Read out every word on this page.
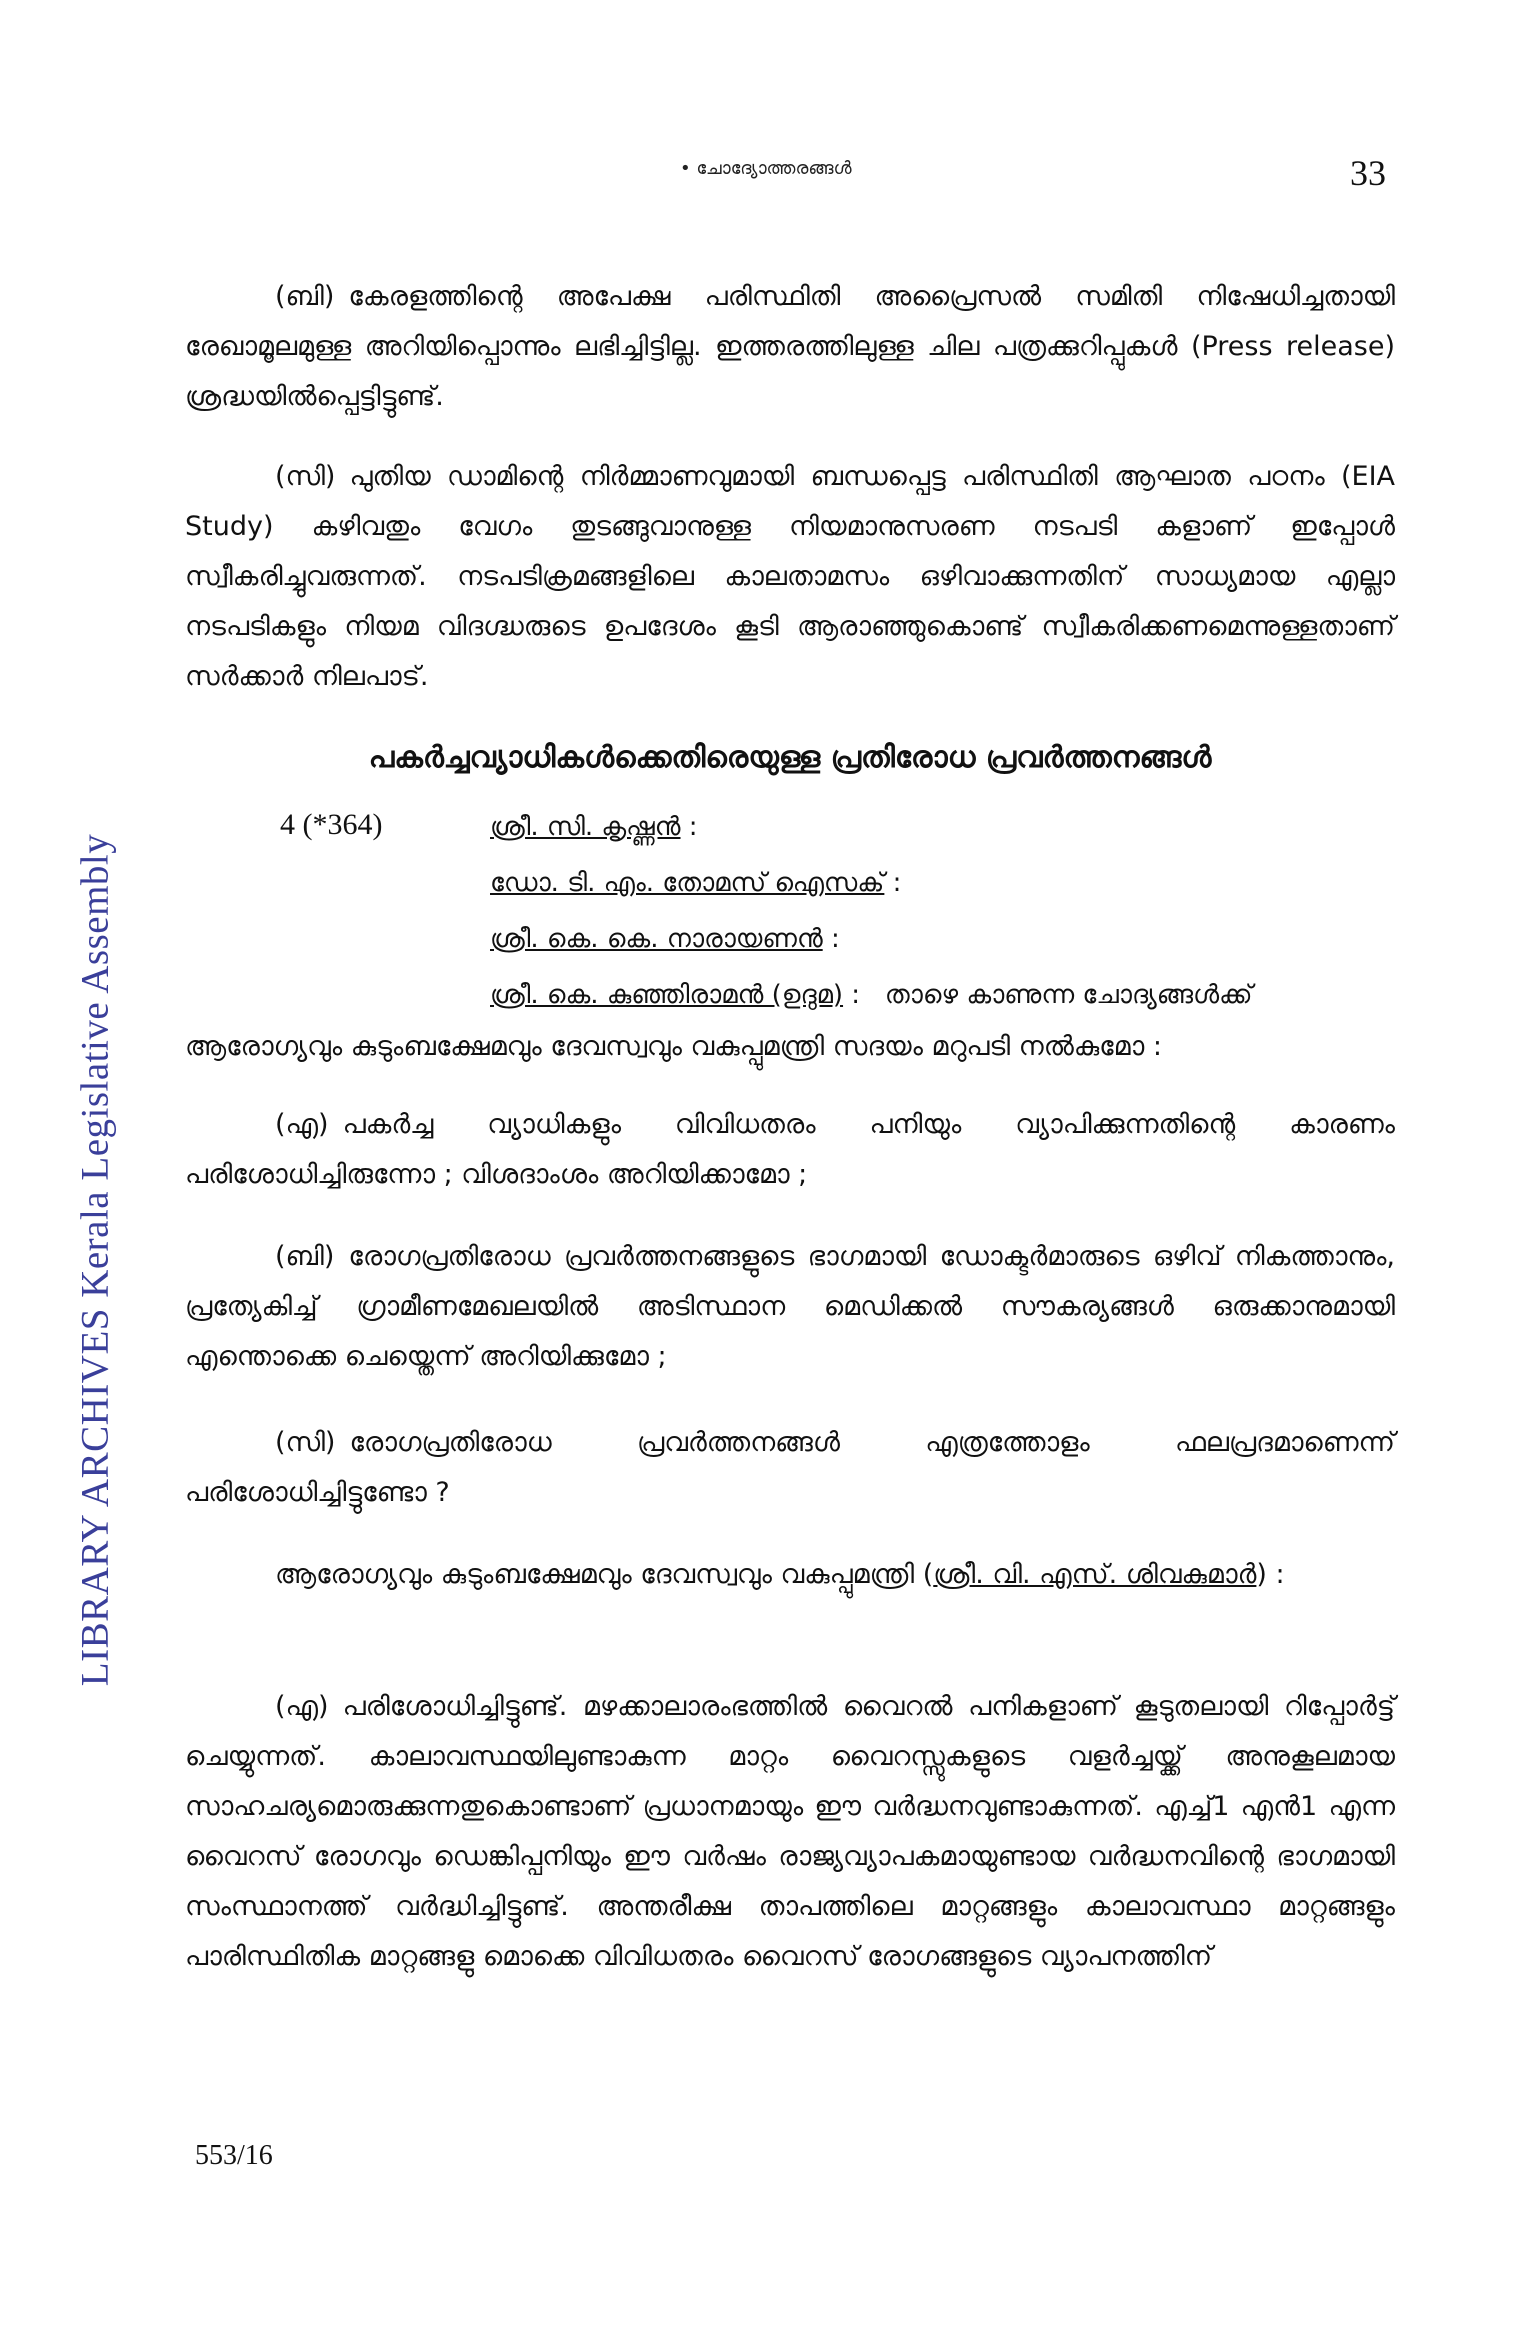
LIBRARY ARCHIVES Kerala Legislative Assembly
• ചോദ്യോത്തരങ്ങൾ	33
(ബി) കേരളത്തിന്റെ അപേക്ഷ പരിസ്ഥിതി അപ്രൈസൽ സമിതി നിഷേധിച്ചതായി രേഖാമൂലമുള്ള അറിയിപ്പൊന്നും ലഭിച്ചിട്ടില്ല. ഇത്തരത്തിലുള്ള ചില പത്രക്കുറിപ്പുകൾ (Press release) ശ്രദ്ധയിൽപ്പെട്ടിട്ടുണ്ട്.
(സി) പുതിയ ഡാമിന്റെ നിർമ്മാണവുമായി ബന്ധപ്പെട്ട പരിസ്ഥിതി ആഘാത പഠനം (EIA Study) കഴിവതും വേഗം തുടങ്ങുവാനുള്ള നിയമാനുസരണ നടപടി കളാണ് ഇപ്പോൾ സ്വീകരിച്ചുവരുന്നത്. നടപടിക്രമങ്ങളിലെ കാലതാമസം ഒഴിവാക്കുന്നതിന് സാധ്യമായ എല്ലാ നടപടികളും നിയമ വിദഗ്ദ്ധരുടെ ഉപദേശം കൂടി ആരാഞ്ഞുകൊണ്ട് സ്വീകരിക്കണമെന്നുള്ളതാണ് സർക്കാർ നിലപാട്.
പകർച്ചവ്യാധികൾക്കെതിരെയുള്ള പ്രതിരോധ പ്രവർത്തനങ്ങൾ
4 (*364)	ശ്രീ. സി. കൃഷ്ണൻ :
ഡോ. ടി. എം. തോമസ് ഐസക് :
ശ്രീ. കെ. കെ. നാരായണൻ :
ശ്രീ. കെ. കുഞ്ഞിരാമൻ (ഉദുമ) : താഴെ കാണുന്ന ചോദ്യങ്ങൾക്ക്
ആരോഗ്യവും കുടുംബക്ഷേമവും ദേവസ്വവും വകുപ്പുമന്ത്രി സദയം മറുപടി നൽകുമോ :
(എ) പകർച്ച വ്യാധികളും വിവിധതരം പനിയും വ്യാപിക്കുന്നതിന്റെ കാരണം പരിശോധിച്ചിരുന്നോ ; വിശദാംശം അറിയിക്കാമോ ;
(ബി) രോഗപ്രതിരോധ പ്രവർത്തനങ്ങളുടെ ഭാഗമായി ഡോക്ടർമാരുടെ ഒഴിവ് നികത്താനും, പ്രത്യേകിച്ച് ഗ്രാമീണമേഖലയിൽ അടിസ്ഥാന മെഡിക്കൽ സൗകര്യങ്ങൾ ഒരുക്കാനുമായി എന്തൊക്കെ ചെയ്തെന്ന് അറിയിക്കുമോ ;
(സി) രോഗപ്രതിരോധ പ്രവർത്തനങ്ങൾ എത്രത്തോളം ഫലപ്രദമാണെന്ന് പരിശോധിച്ചിട്ടുണ്ടോ ?
ആരോഗ്യവും കുടുംബക്ഷേമവും ദേവസ്വവും വകുപ്പുമന്ത്രി (ശ്രീ. വി. എസ്. ശിവകുമാർ) :
(എ) പരിശോധിച്ചിട്ടുണ്ട്. മഴക്കാലാരംഭത്തിൽ വൈറൽ പനികളാണ് കൂടുതലായി റിപ്പോർട്ട് ചെയ്യുന്നത്. കാലാവസ്ഥയിലുണ്ടാകുന്ന മാറ്റം വൈറസ്സുകളുടെ വളർച്ചയ്ക്ക് അനുകൂലമായ സാഹചര്യമൊരുക്കുന്നതുകൊണ്ടാണ് പ്രധാനമായും ഈ വർദ്ധനവുണ്ടാകുന്നത്. എച്ച്1 എൻ1 എന്ന വൈറസ് രോഗവും ഡെങ്കിപ്പനിയും ഈ വർഷം രാജ്യവ്യാപകമായുണ്ടായ വർദ്ധനവിന്റെ ഭാഗമായി സംസ്ഥാനത്ത് വർദ്ധിച്ചിട്ടുണ്ട്. അന്തരീക്ഷ താപത്തിലെ മാറ്റങ്ങളും കാലാവസ്ഥാ മാറ്റങ്ങളും പാരിസ്ഥിതിക മാറ്റങ്ങളു മൊക്കെ വിവിധതരം വൈറസ് രോഗങ്ങളുടെ വ്യാപനത്തിന്
553/16
